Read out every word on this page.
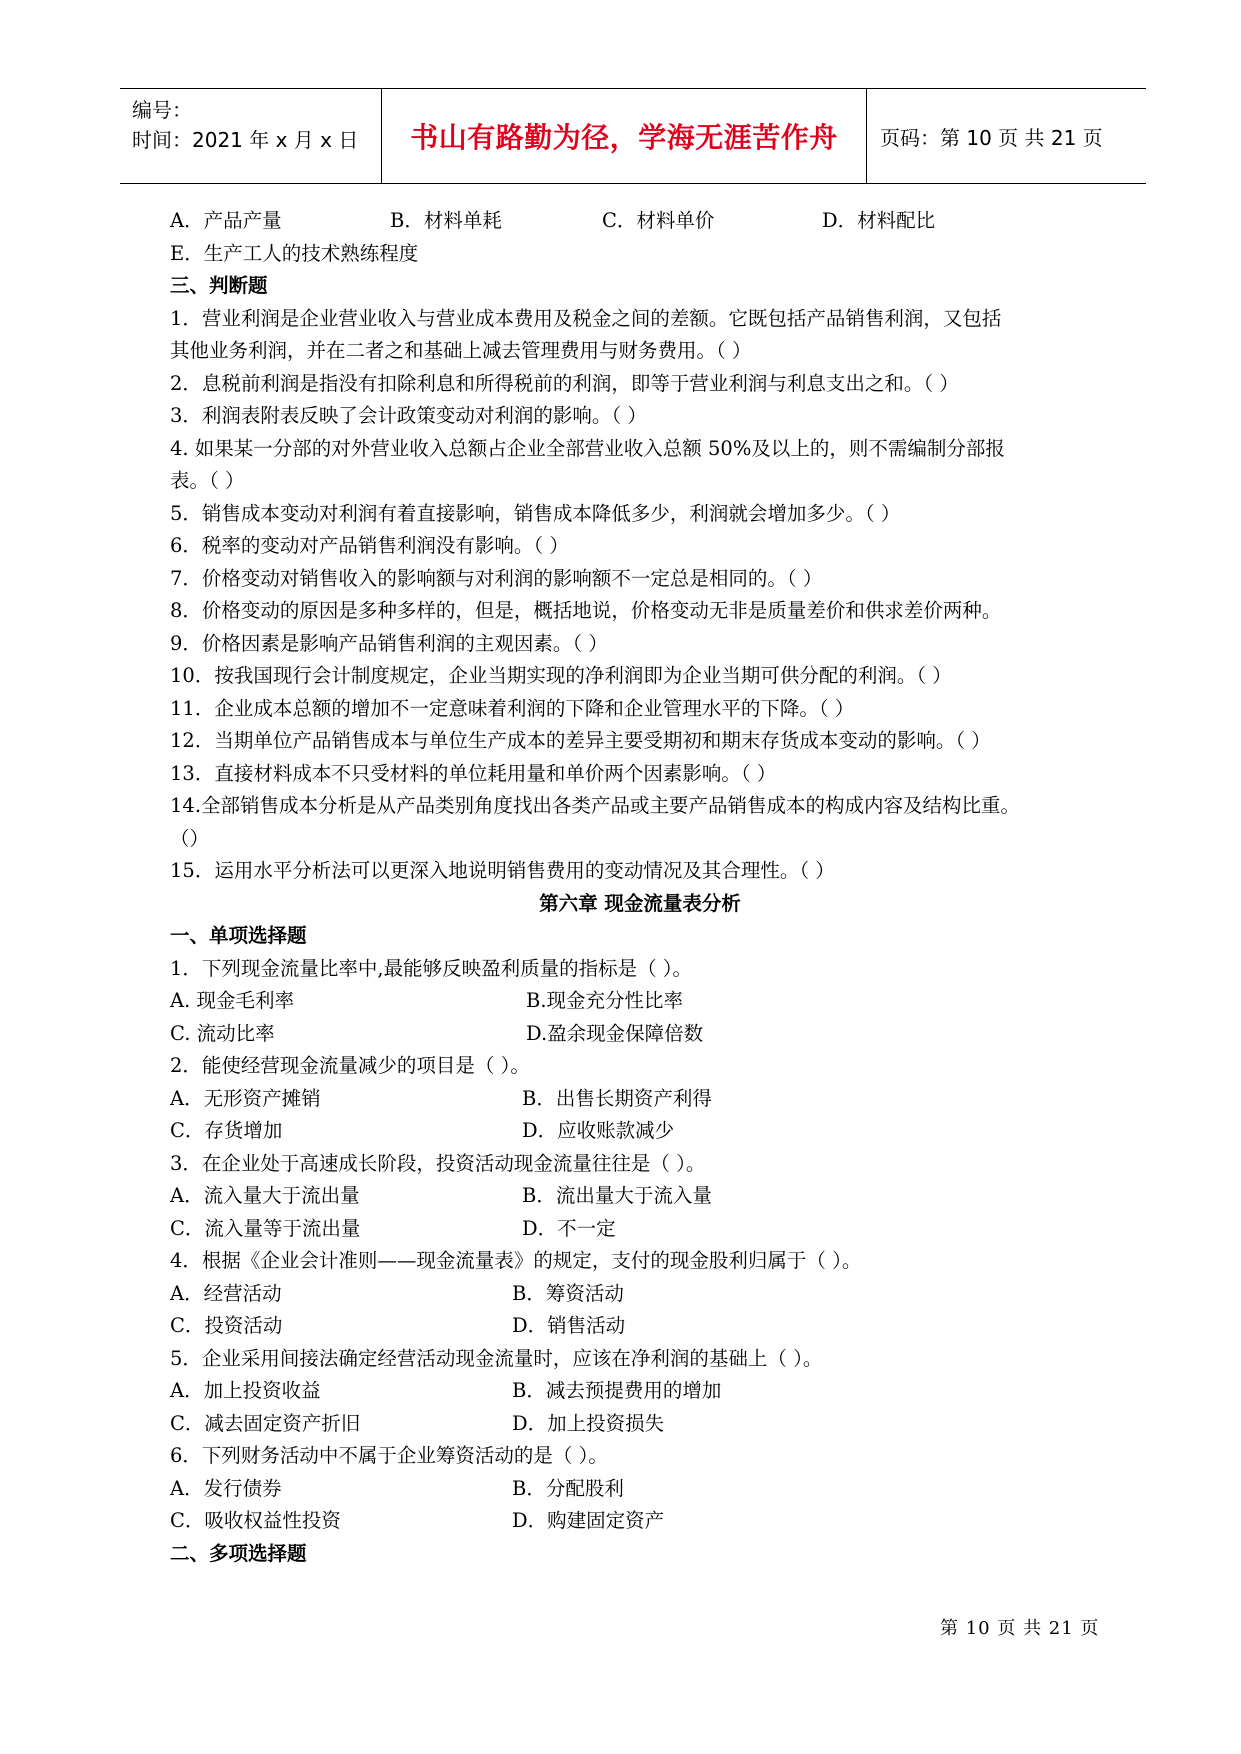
编号：
时间：2021 年 x 月 x 日	书山有路勤为径，学海无涯苦作舟	页码：第 10 页 共 21 页
A．产品产量	B．材料单耗	C．材料单价	D．材料配比
E．生产工人的技术熟练程度
三、判断题
1．营业利润是企业营业收入与营业成本费用及税金之间的差额。它既包括产品销售利润，又包括
其他业务利润，并在二者之和基础上减去管理费用与财务费用。（ ）
2．息税前利润是指没有扣除利息和所得税前的利润，即等于营业利润与利息支出之和。（ ）
3．利润表附表反映了会计政策变动对利润的影响。（ ）
4. 如果某一分部的对外营业收入总额占企业全部营业收入总额 50%及以上的，则不需编制分部报
表。（ ）
5．销售成本变动对利润有着直接影响，销售成本降低多少，利润就会增加多少。（ ）
6．税率的变动对产品销售利润没有影响。（ ）
7．价格变动对销售收入的影响额与对利润的影响额不一定总是相同的。（ ）
8．价格变动的原因是多种多样的，但是，概括地说，价格变动无非是质量差价和供求差价两种。
9．价格因素是影响产品销售利润的主观因素。（ ）
10．按我国现行会计制度规定，企业当期实现的净利润即为企业当期可供分配的利润。（ ）
11．企业成本总额的增加不一定意味着利润的下降和企业管理水平的下降。（ ）
12．当期单位产品销售成本与单位生产成本的差异主要受期初和期末存货成本变动的影响。（ ）
13．直接材料成本不只受材料的单位耗用量和单价两个因素影响。（ ）
14.全部销售成本分析是从产品类别角度找出各类产品或主要产品销售成本的构成内容及结构比重。
（）
15．运用水平分析法可以更深入地说明销售费用的变动情况及其合理性。（ ）
第六章 现金流量表分析
一、单项选择题
1．下列现金流量比率中,最能够反映盈利质量的指标是（ ）。
A. 现金毛利率	B.现金充分性比率
C. 流动比率	D.盈余现金保障倍数
2．能使经营现金流量减少的项目是（ ）。
A．无形资产摊销	B．出售长期资产利得
C．存货增加	D．应收账款减少
3．在企业处于高速成长阶段，投资活动现金流量往往是（ ）。
A．流入量大于流出量	B．流出量大于流入量
C．流入量等于流出量	D．不一定
4．根据《企业会计准则——现金流量表》的规定，支付的现金股利归属于（ ）。
A．经营活动	B．筹资活动
C．投资活动	D．销售活动
5．企业采用间接法确定经营活动现金流量时，应该在净利润的基础上（ ）。
A．加上投资收益	B．减去预提费用的增加
C．减去固定资产折旧	D．加上投资损失
6．下列财务活动中不属于企业筹资活动的是（ ）。
A．发行债券	B．分配股利
C．吸收权益性投资	D．购建固定资产
二、多项选择题
第 10 页 共 21 页
